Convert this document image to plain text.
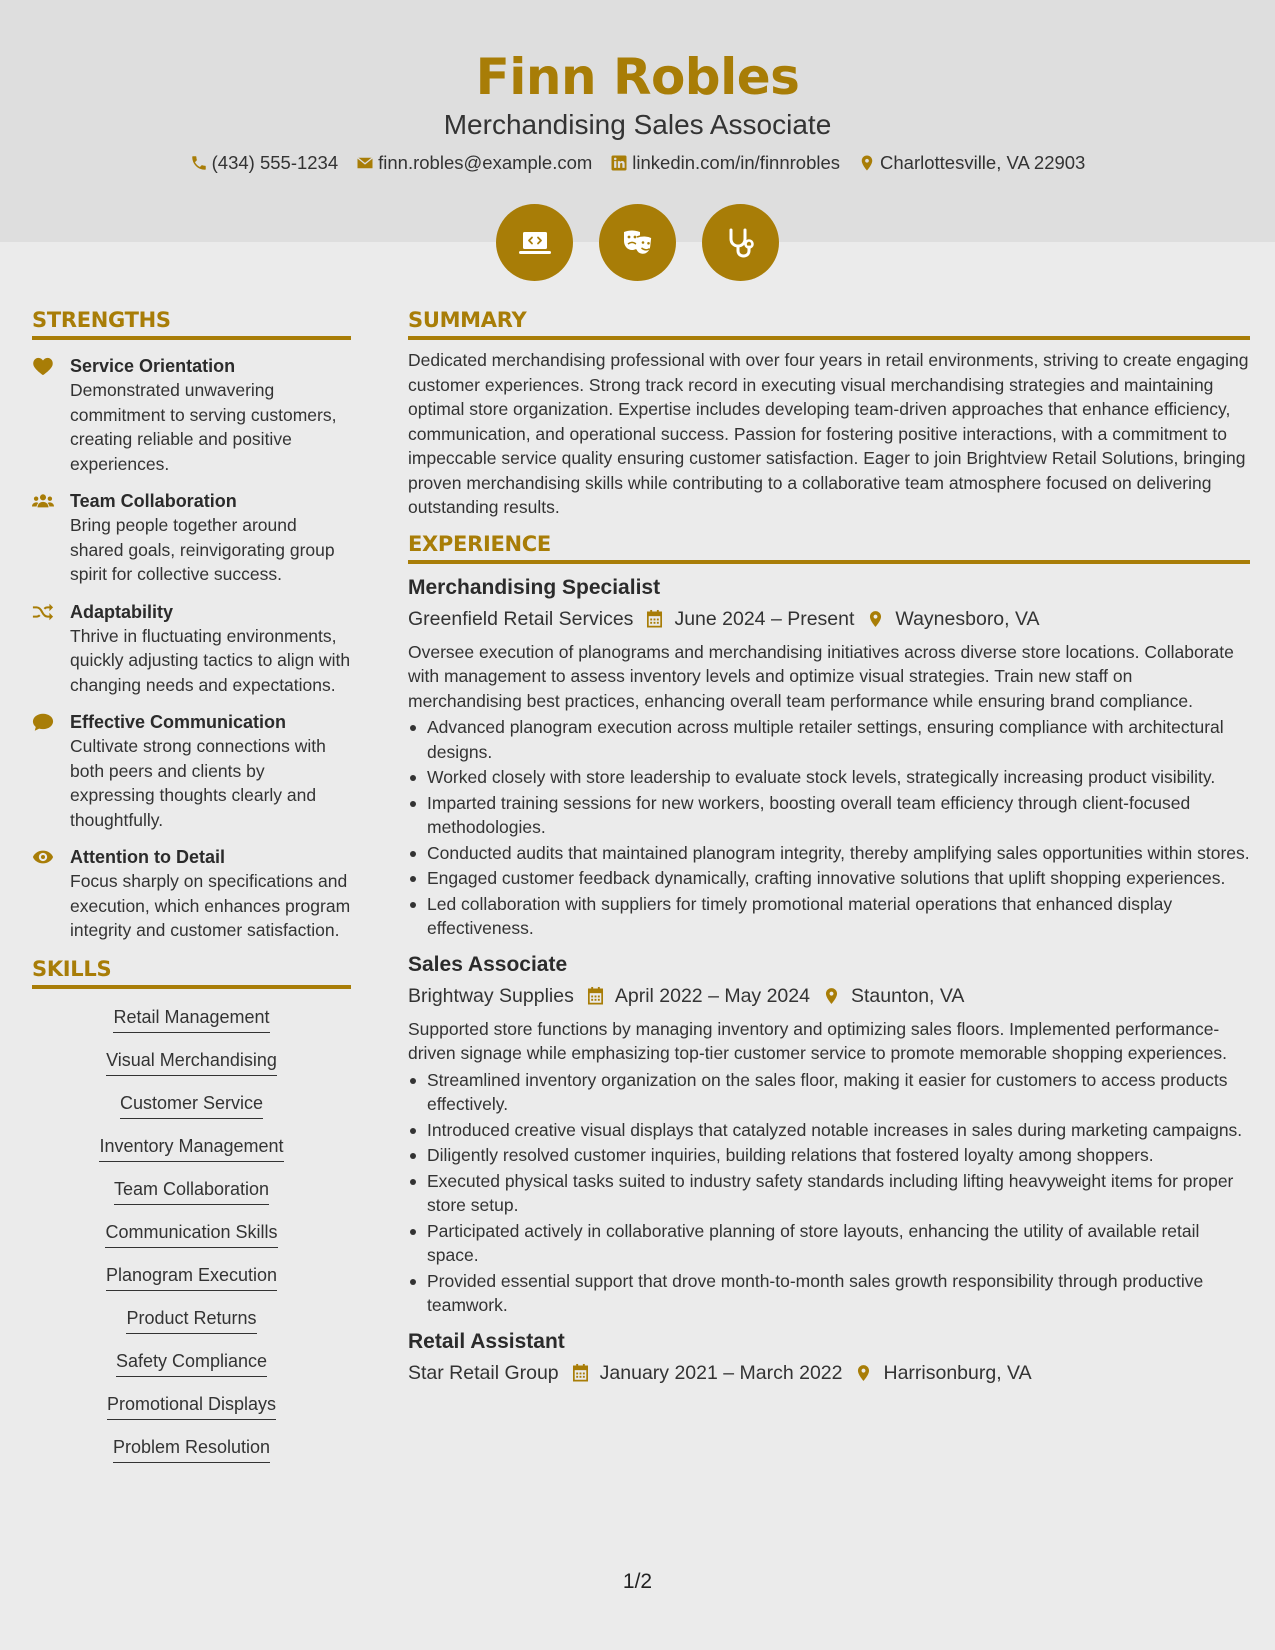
Finn Robles
Merchandising Sales Associate
(434) 555-1234 finn.robles@example.com linkedin.com/in/finnrobles Charlottesville, VA 22903
STRENGTHS
Service Orientation
Demonstrated unwavering commitment to serving customers, creating reliable and positive experiences.
Team Collaboration
Bring people together around shared goals, reinvigorating group spirit for collective success.
Adaptability
Thrive in fluctuating environments, quickly adjusting tactics to align with changing needs and expectations.
Effective Communication
Cultivate strong connections with both peers and clients by expressing thoughts clearly and thoughtfully.
Attention to Detail
Focus sharply on specifications and execution, which enhances program integrity and customer satisfaction.
SKILLS
Retail Management
Visual Merchandising
Customer Service
Inventory Management
Team Collaboration
Communication Skills
Planogram Execution
Product Returns
Safety Compliance
Promotional Displays
Problem Resolution
SUMMARY
Dedicated merchandising professional with over four years in retail environments, striving to create engaging customer experiences. Strong track record in executing visual merchandising strategies and maintaining optimal store organization. Expertise includes developing team-driven approaches that enhance efficiency, communication, and operational success. Passion for fostering positive interactions, with a commitment to impeccable service quality ensuring customer satisfaction. Eager to join Brightview Retail Solutions, bringing proven merchandising skills while contributing to a collaborative team atmosphere focused on delivering outstanding results.
EXPERIENCE
Merchandising Specialist
Greenfield Retail Services June 2024 – Present Waynesboro, VA
Oversee execution of planograms and merchandising initiatives across diverse store locations. Collaborate with management to assess inventory levels and optimize visual strategies. Train new staff on merchandising best practices, enhancing overall team performance while ensuring brand compliance.
Advanced planogram execution across multiple retailer settings, ensuring compliance with architectural designs.
Worked closely with store leadership to evaluate stock levels, strategically increasing product visibility.
Imparted training sessions for new workers, boosting overall team efficiency through client-focused methodologies.
Conducted audits that maintained planogram integrity, thereby amplifying sales opportunities within stores.
Engaged customer feedback dynamically, crafting innovative solutions that uplift shopping experiences.
Led collaboration with suppliers for timely promotional material operations that enhanced display effectiveness.
Sales Associate
Brightway Supplies April 2022 – May 2024 Staunton, VA
Supported store functions by managing inventory and optimizing sales floors. Implemented performance-driven signage while emphasizing top-tier customer service to promote memorable shopping experiences.
Streamlined inventory organization on the sales floor, making it easier for customers to access products effectively.
Introduced creative visual displays that catalyzed notable increases in sales during marketing campaigns.
Diligently resolved customer inquiries, building relations that fostered loyalty among shoppers.
Executed physical tasks suited to industry safety standards including lifting heavyweight items for proper store setup.
Participated actively in collaborative planning of store layouts, enhancing the utility of available retail space.
Provided essential support that drove month-to-month sales growth responsibility through productive teamwork.
Retail Assistant
Star Retail Group January 2021 – March 2022 Harrisonburg, VA
1/2
